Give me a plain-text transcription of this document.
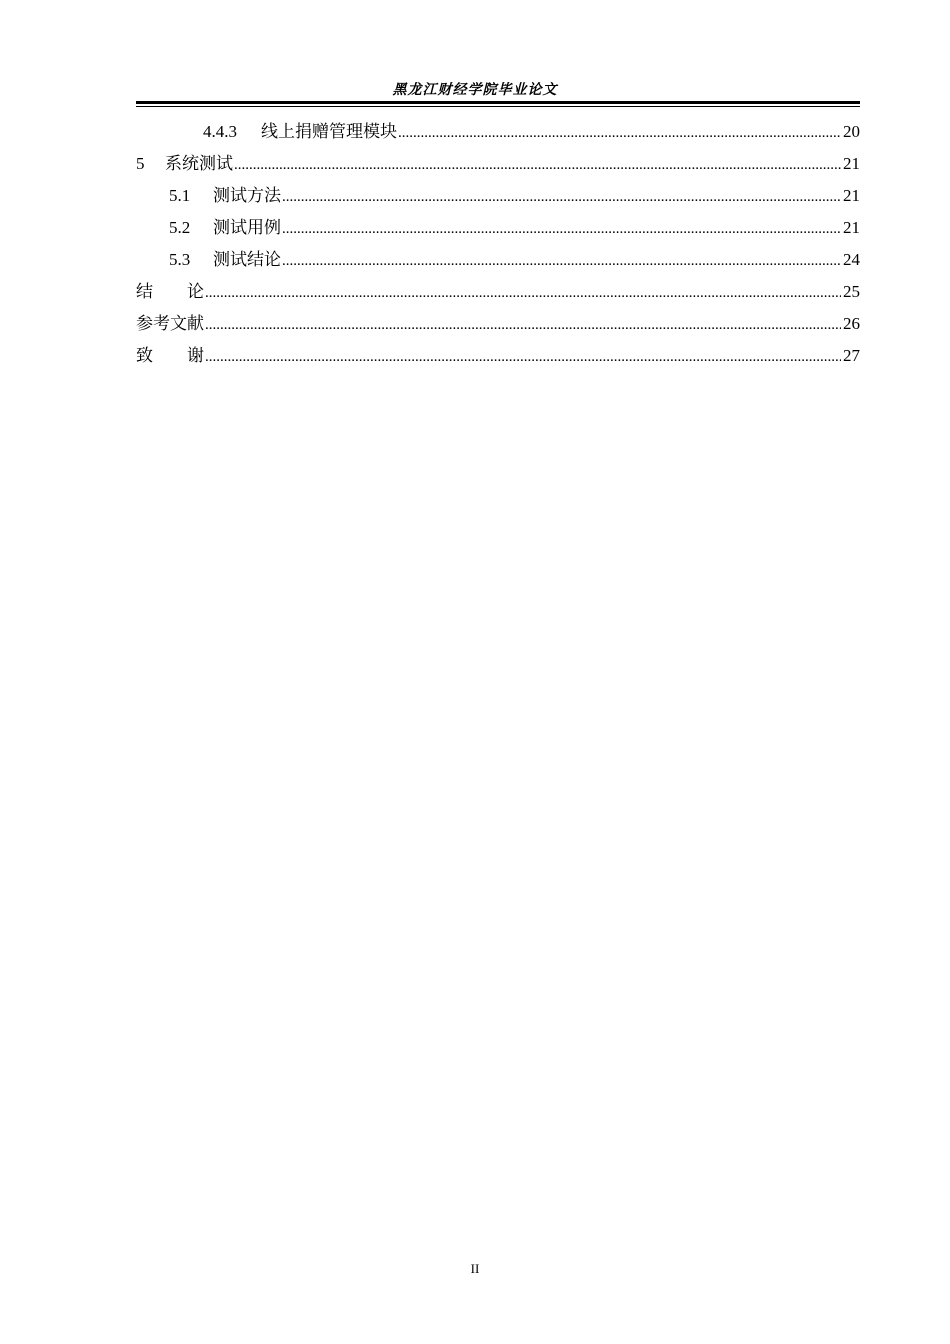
黑龙江财经学院毕业论文
4.4.3	线上捐赠管理模块 .....	20
5	系统测试 .....	21
5.1	测试方法 .....	21
5.2	测试用例 .....	21
5.3	测试结论 .....	24
结　　论 .....	25
参考文献 .....	26
致　　谢 .....	27
II
